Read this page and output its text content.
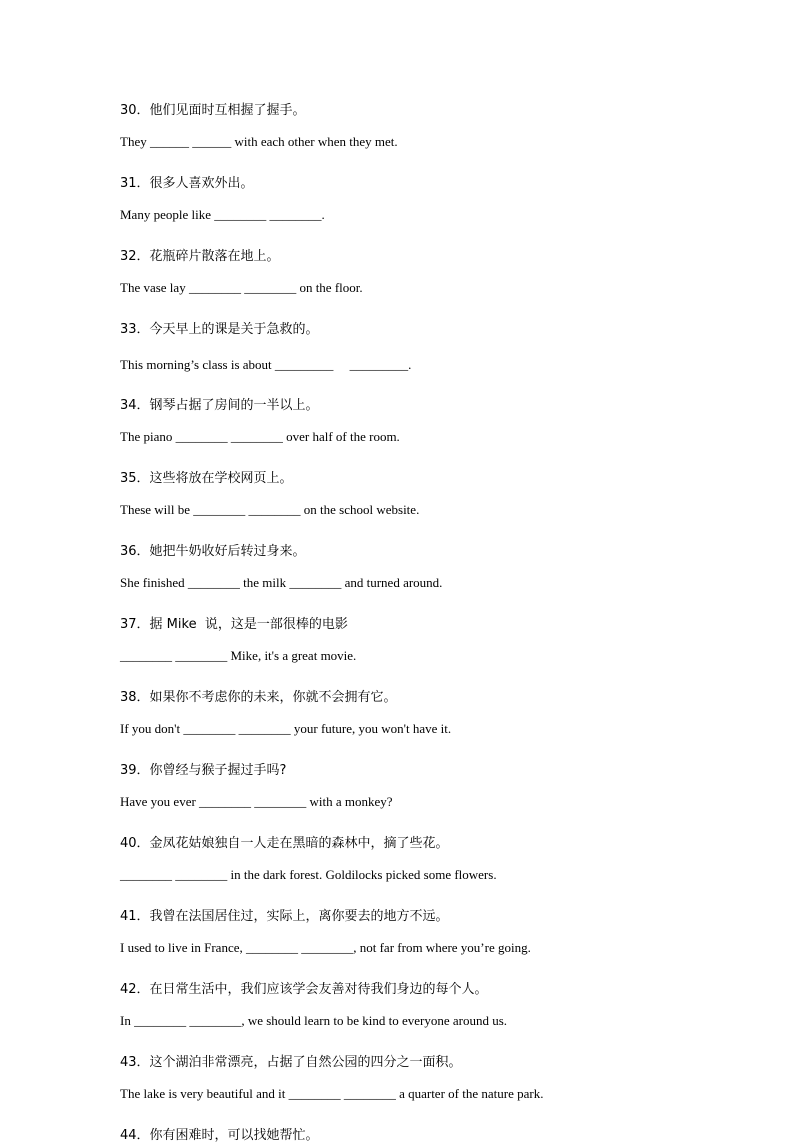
30．他们见面时互相握了握手。

They ______ ______ with each other when they met.

31．很多人喜欢外出。

Many people like ________ ________.

32．花瓶碎片散落在地上。

The vase lay ________ ________ on the floor.

33．今天早上的课是关于急救的。

This morning’s class is about _________     _________.

34．钢琴占据了房间的一半以上。

The piano ________ ________ over half of the room.

35．这些将放在学校网页上。

These will be ________ ________ on the school website.

36．她把牛奶收好后转过身来。

She finished ________ the milk ________ and turned around.

37．据 Mike  说，这是一部很棒的电影

________ ________ Mike, it's a great movie.

38．如果你不考虑你的未来，你就不会拥有它。

If you don't ________ ________ your future, you won't have it.

39．你曾经与猴子握过手吗?

Have you ever ________ ________ with a monkey?

40．金凤花姑娘独自一人走在黑暗的森林中，摘了些花。

________ ________ in the dark forest. Goldilocks picked some flowers.

41．我曾在法国居住过，实际上，离你要去的地方不远。

I used to live in France, ________ ________, not far from where you’re going.

42．在日常生活中，我们应该学会友善对待我们身边的每个人。

In ________ ________, we should learn to be kind to everyone around us.

43．这个湖泊非常漂亮，占据了自然公园的四分之一面积。

The lake is very beautiful and it ________ ________ a quarter of the nature park.

44．你有困难时，可以找她帮忙。
